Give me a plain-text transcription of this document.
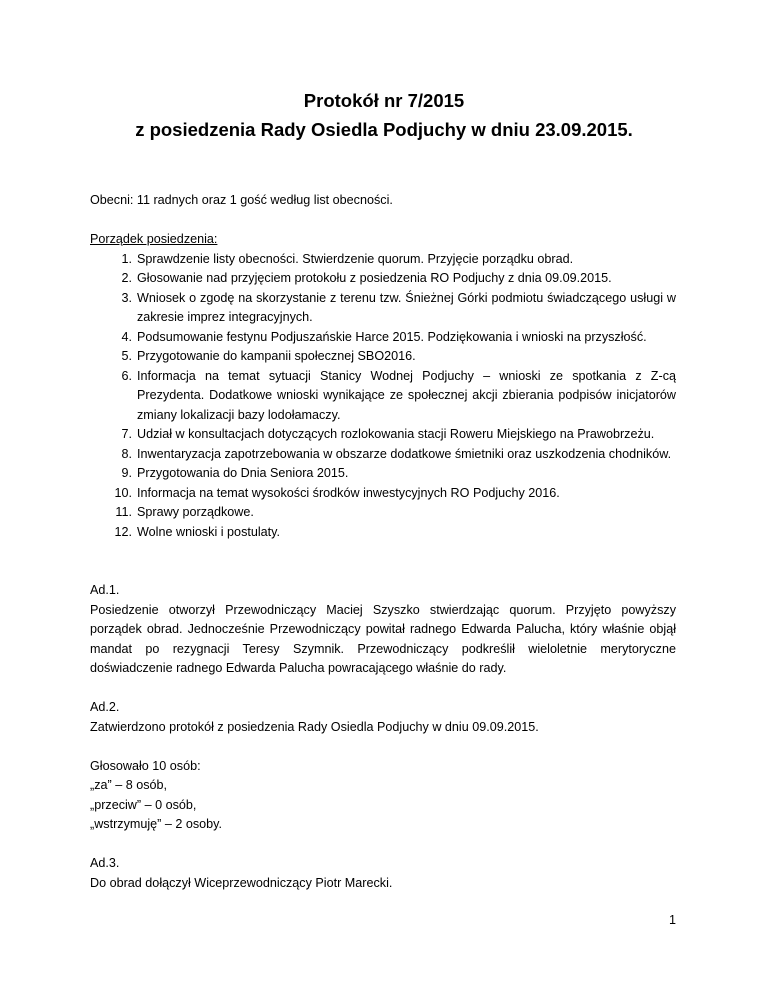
Protokół nr 7/2015
z posiedzenia Rady Osiedla Podjuchy w dniu 23.09.2015.

Obecni: 11 radnych oraz 1 gość według list obecności.

Porządek posiedzenia:

1. Sprawdzenie listy obecności. Stwierdzenie quorum. Przyjęcie porządku obrad.
2. Głosowanie nad przyjęciem protokołu z posiedzenia RO Podjuchy z dnia 09.09.2015.
3. Wniosek o zgodę na skorzystanie z terenu tzw. Śnieżnej Górki podmiotu świadczącego usługi w zakresie imprez integracyjnych.
4. Podsumowanie festynu Podjuszańskie Harce 2015. Podziękowania i wnioski na przyszłość.
5. Przygotowanie do kampanii społecznej SBO2016.
6. Informacja na temat sytuacji Stanicy Wodnej Podjuchy – wnioski ze spotkania z Z-cą Prezydenta. Dodatkowe wnioski wynikające ze społecznej akcji zbierania podpisów inicjatorów zmiany lokalizacji bazy lodołamaczy.
7. Udział w konsultacjach dotyczących rozlokowania stacji Roweru Miejskiego na Prawobrzeżu.
8. Inwentaryzacja zapotrzebowania w obszarze dodatkowe śmietniki oraz uszkodzenia chodników.
9. Przygotowania do Dnia Seniora 2015.
10. Informacja na temat wysokości środków inwestycyjnych RO Podjuchy 2016.
11. Sprawy porządkowe.
12. Wolne wnioski i postulaty.

Ad.1.

Posiedzenie otworzył Przewodniczący Maciej Szyszko stwierdzając quorum. Przyjęto powyższy porządek obrad. Jednocześnie Przewodniczący powitał radnego Edwarda Palucha, który właśnie objął mandat po rezygnacji Teresy Szymnik. Przewodniczący podkreślił wieloletnie merytoryczne doświadczenie radnego Edwarda Palucha powracającego właśnie do rady.

Ad.2.

Zatwierdzono protokół z posiedzenia Rady Osiedla Podjuchy w dniu 09.09.2015.

Głosowało 10 osób:

„za” – 8 osób,

„przeciw” – 0 osób,

„wstrzymuję” – 2 osoby.

Ad.3.

Do obrad dołączył Wiceprzewodniczący Piotr Marecki.

1
